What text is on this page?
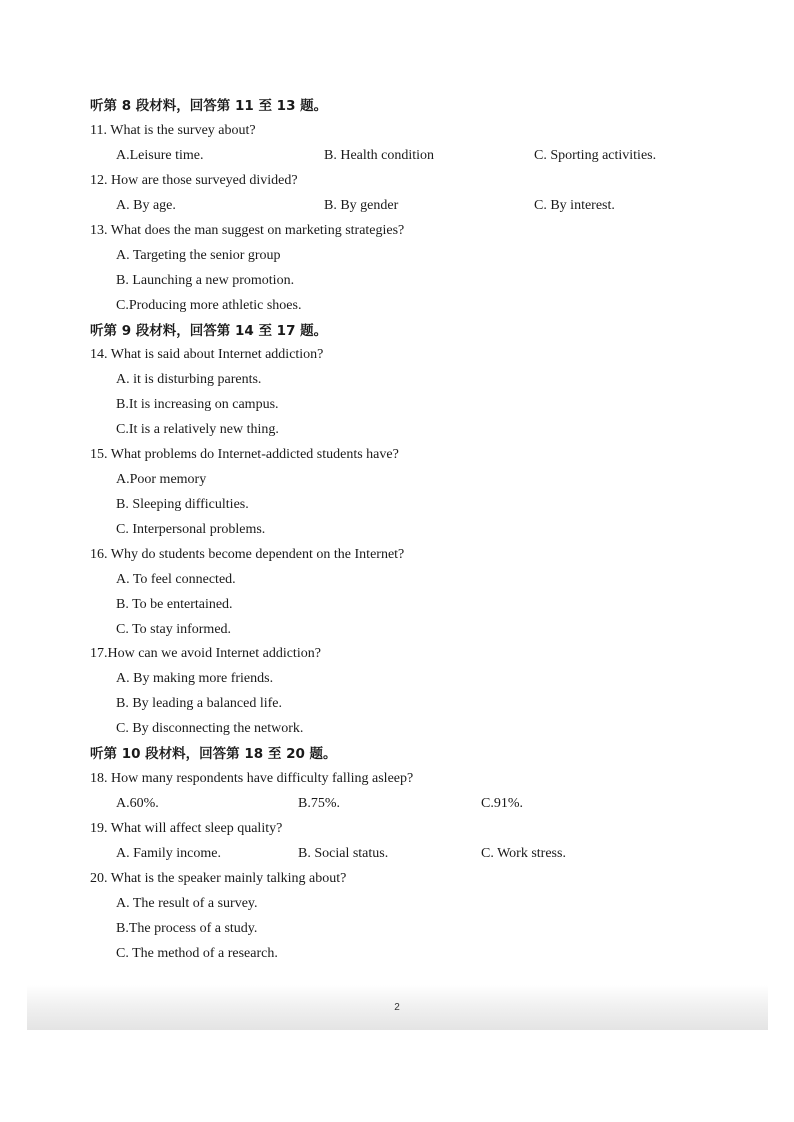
听第 8 段材料，回答第 11 至 13 题。
11. What is the survey about?
A.Leisure time.	B. Health condition	C. Sporting activities.
12. How are those surveyed divided?
A. By age.	B. By gender	C. By interest.
13. What does the man suggest on marketing strategies?
A. Targeting the senior group
B. Launching a new promotion.
C.Producing more athletic shoes.
听第 9 段材料，回答第 14 至 17 题。
14. What is said about Internet addiction?
A. it is disturbing parents.
B.It is increasing on campus.
C.It is a relatively new thing.
15. What problems do Internet-addicted students have?
A.Poor memory
B. Sleeping difficulties.
C. Interpersonal problems.
16. Why do students become dependent on the Internet?
A. To feel connected.
B. To be entertained.
C. To stay informed.
17.How can we avoid Internet addiction?
A. By making more friends.
B. By leading a balanced life.
C. By disconnecting the network.
听第 10 段材料，回答第 18 至 20 题。
18. How many respondents have difficulty falling asleep?
A.60%.	B.75%.	C.91%.
19. What will affect sleep quality?
A. Family income.	B. Social status.	C. Work stress.
20. What is the speaker mainly talking about?
A. The result of a survey.
B.The process of a study.
C. The method of a research.
2
